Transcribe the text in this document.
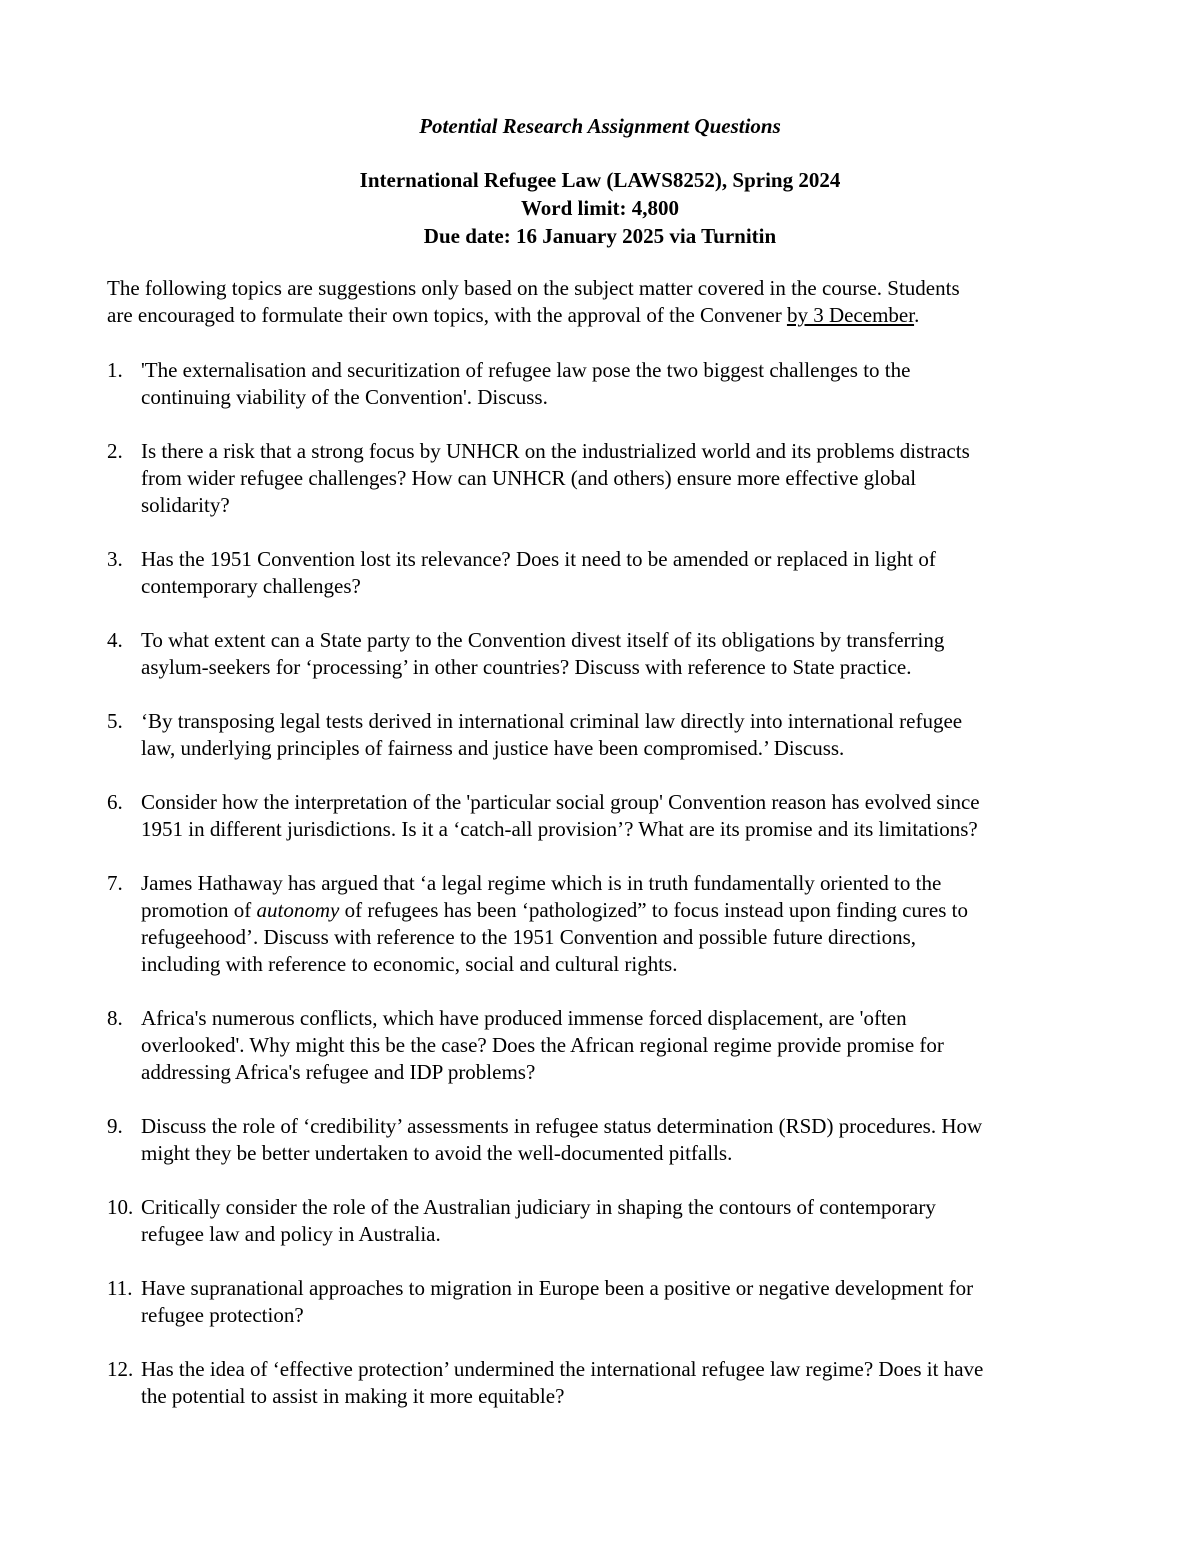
Potential Research Assignment Questions
International Refugee Law (LAWS8252), Spring 2024
Word limit: 4,800
Due date: 16 January 2025 via Turnitin
The following topics are suggestions only based on the subject matter covered in the course. Students
are encouraged to formulate their own topics, with the approval of the Convener by 3 December.
1. 'The externalisation and securitization of refugee law pose the two biggest challenges to the
continuing viability of the Convention'. Discuss.
2. Is there a risk that a strong focus by UNHCR on the industrialized world and its problems distracts
from wider refugee challenges? How can UNHCR (and others) ensure more effective global
solidarity?
3. Has the 1951 Convention lost its relevance? Does it need to be amended or replaced in light of
contemporary challenges?
4. To what extent can a State party to the Convention divest itself of its obligations by transferring
asylum-seekers for ‘processing’ in other countries? Discuss with reference to State practice.
5. ‘By transposing legal tests derived in international criminal law directly into international refugee
law, underlying principles of fairness and justice have been compromised.’ Discuss.
6. Consider how the interpretation of the 'particular social group' Convention reason has evolved since
1951 in different jurisdictions. Is it a ‘catch-all provision’? What are its promise and its limitations?
7. James Hathaway has argued that ‘a legal regime which is in truth fundamentally oriented to the
promotion of autonomy of refugees has been ‘pathologized” to focus instead upon finding cures to
refugeehood’. Discuss with reference to the 1951 Convention and possible future directions,
including with reference to economic, social and cultural rights.
8. Africa's numerous conflicts, which have produced immense forced displacement, are 'often
overlooked'. Why might this be the case? Does the African regional regime provide promise for
addressing Africa's refugee and IDP problems?
9. Discuss the role of ‘credibility’ assessments in refugee status determination (RSD) procedures. How
might they be better undertaken to avoid the well-documented pitfalls.
10. Critically consider the role of the Australian judiciary in shaping the contours of contemporary
refugee law and policy in Australia.
11. Have supranational approaches to migration in Europe been a positive or negative development for
refugee protection?
12. Has the idea of ‘effective protection’ undermined the international refugee law regime? Does it have
the potential to assist in making it more equitable?
